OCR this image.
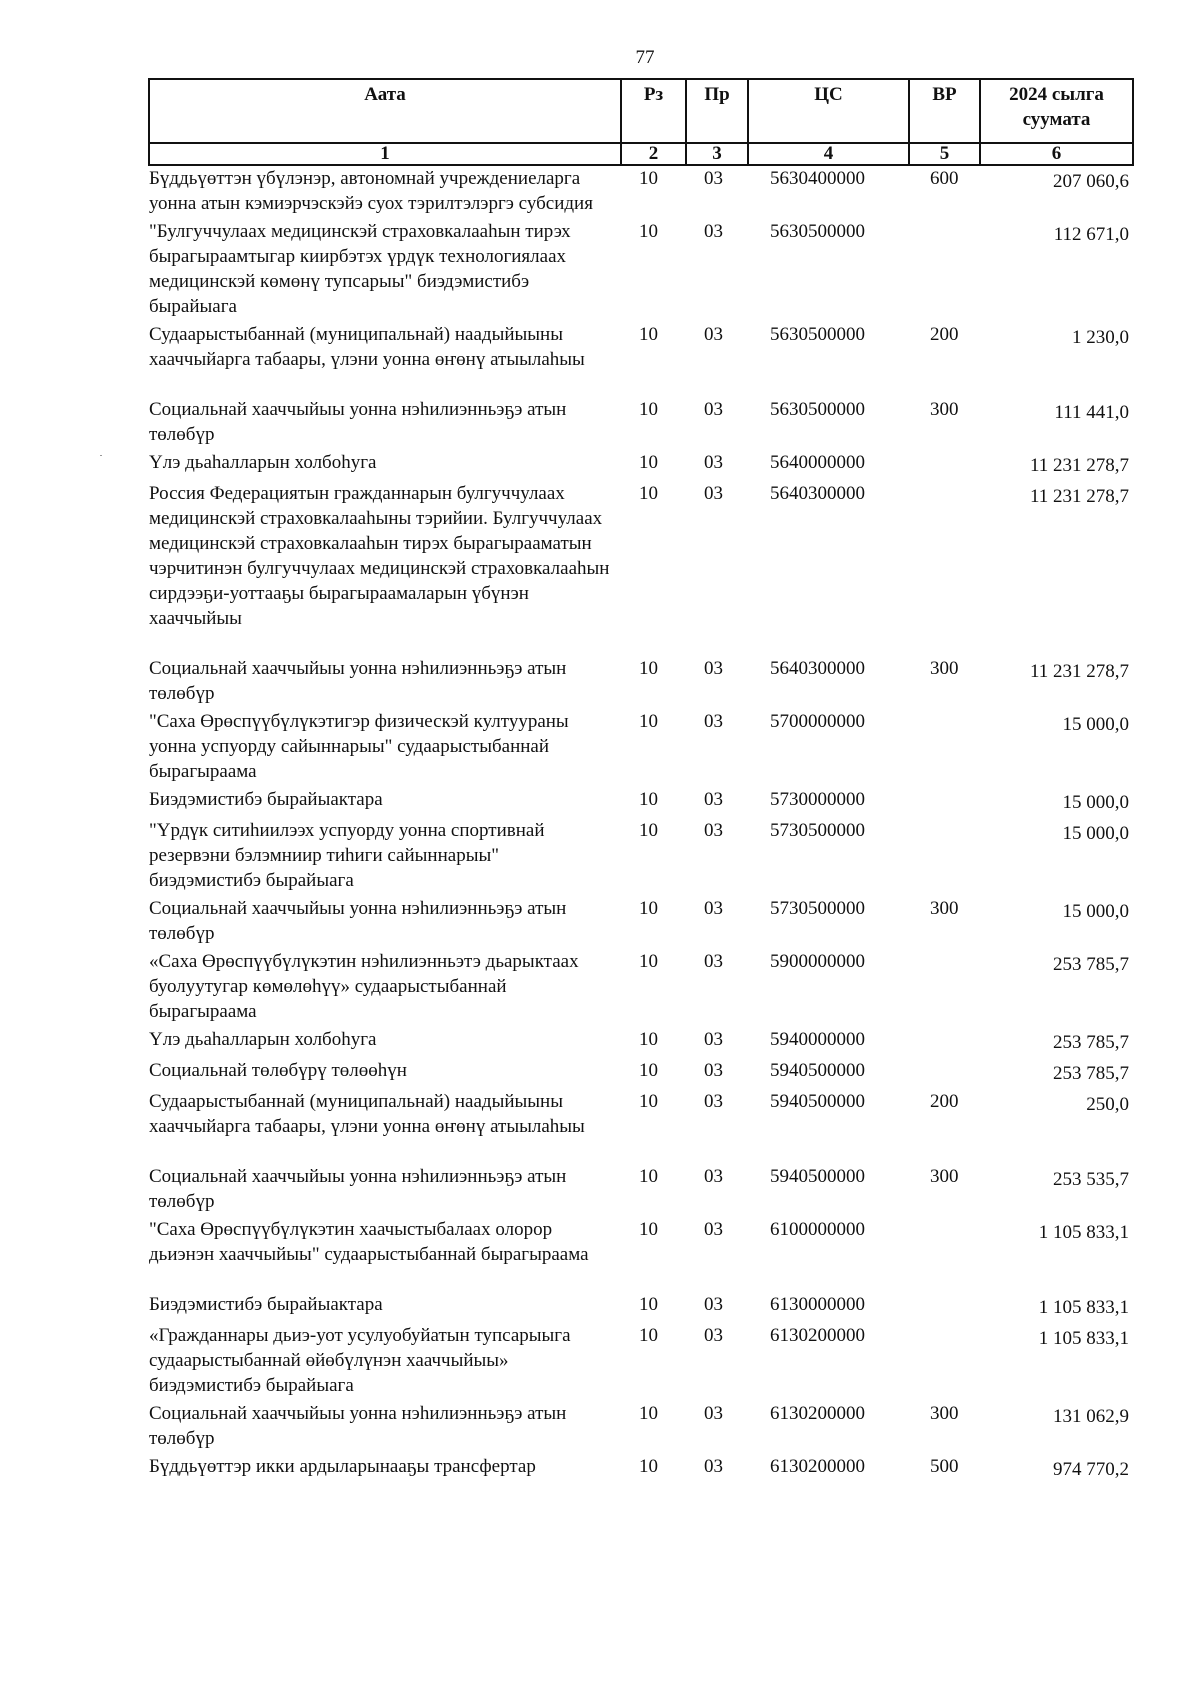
77
Аата	Рз	Пр	ЦС	ВР	2024 сылга суумата
1	2	3	4	5	6
Бүддьүөттэн үбүлэнэр, автономнай учреждениеларга уонна атын кэмиэрчэскэйэ суох тэрилтэлэргэ субсидия	10	03	5630400000	600	207 060,6
"Булгуччулаах медицинскэй страховкалааһын тирэх бырагыраамтыгар киирбэтэх үрдүк технологиялаах медицинскэй көмөнү тупсарыы" биэдэмистибэ бырайыага	10	03	5630500000		112 671,0
Судаарыстыбаннай (муниципальнай) наадыйыыны хааччыйарга табаары, үлэни уонна өҥөнү атыылаһыы	10	03	5630500000	200	1 230,0
Социальнай хааччыйыы уонна нэһилиэнньэҕэ атын төлөбүр	10	03	5630500000	300	111 441,0
Үлэ дьаһалларын холбоһуга	10	03	5640000000		11 231 278,7
Россия Федерациятын гражданнарын булгуччулаах медицинскэй страховкалааһыны тэрийии. Булгуччулаах медицинскэй страховкалааһын тирэх бырагырааматын чэрчитинэн булгуччулаах медицинскэй страховкалааһын сирдээҕи-уоттааҕы бырагыраамаларын үбүнэн хааччыйыы	10	03	5640300000		11 231 278,7
Социальнай хааччыйыы уонна нэһилиэнньэҕэ атын төлөбүр	10	03	5640300000	300	11 231 278,7
"Саха Өрөспүүбүлүкэтигэр физическэй култуураны уонна успуорду сайыннарыы" судаарыстыбаннай бырагыраама	10	03	5700000000		15 000,0
Биэдэмистибэ бырайыактара	10	03	5730000000		15 000,0
"Үрдүк ситиһиилээх успуорду уонна спортивнай резервэни бэлэмниир тиһиги сайыннарыы" биэдэмистибэ бырайыага	10	03	5730500000		15 000,0
Социальнай хааччыйыы уонна нэһилиэнньэҕэ атын төлөбүр	10	03	5730500000	300	15 000,0
«Саха Өрөспүүбүлүкэтин нэһилиэнньэтэ дьарыктаах буолуутугар көмөлөһүү» судаарыстыбаннай бырагыраама	10	03	5900000000		253 785,7
Үлэ дьаһалларын холбоһуга	10	03	5940000000		253 785,7
Социальнай төлөбүрү төлөөһүн	10	03	5940500000		253 785,7
Судаарыстыбаннай (муниципальнай) наадыйыыны хааччыйарга табаары, үлэни уонна өҥөнү атыылаһыы	10	03	5940500000	200	250,0
Социальнай хааччыйыы уонна нэһилиэнньэҕэ атын төлөбүр	10	03	5940500000	300	253 535,7
"Саха Өрөспүүбүлүкэтин хаачыстыбалаах олорор дьиэнэн хааччыйыы" судаарыстыбаннай бырагыраама	10	03	6100000000		1 105 833,1
Биэдэмистибэ бырайыактара	10	03	6130000000		1 105 833,1
«Гражданнары дьиэ-уот усулуобуйатын тупсарыыга судаарыстыбаннай өйөбүлүнэн хааччыйыы» биэдэмистибэ бырайыага	10	03	6130200000		1 105 833,1
Социальнай хааччыйыы уонна нэһилиэнньэҕэ атын төлөбүр	10	03	6130200000	300	131 062,9
Бүддьүөттэр икки ардыларынааҕы трансфертар	10	03	6130200000	500	974 770,2
